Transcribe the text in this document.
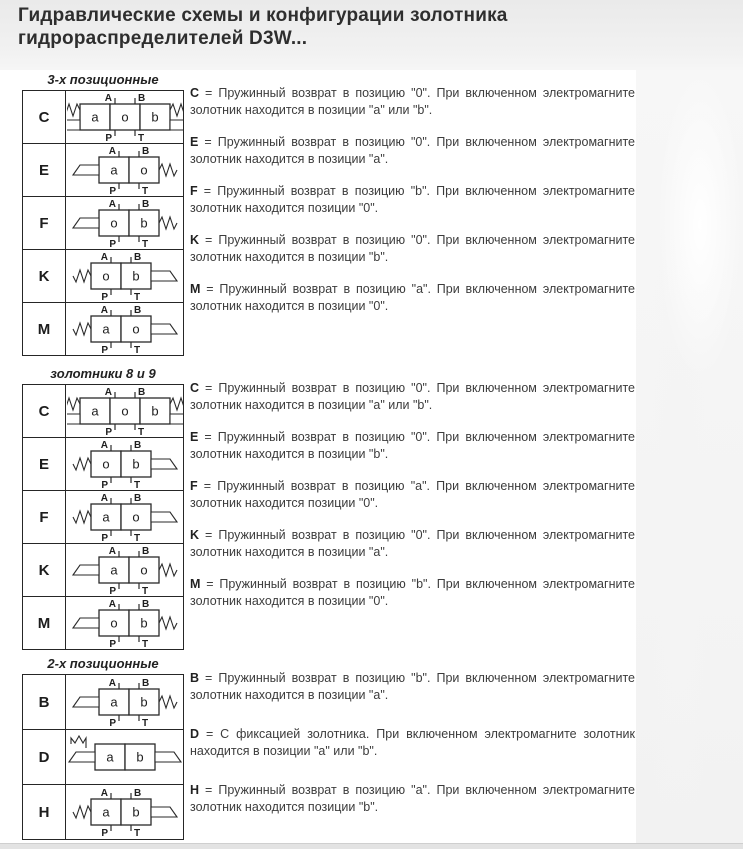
Гидравлические схемы и конфигурации золотника гидрораспределителей D3W...
3-х позиционные
C	a o b
A	B
P	T
E	a o
A	B
P	T
F	o b
A	B
P	T
K	o b
A	B
P	T
M	a o
A	B
P	T

C = Пружинный возврат в позицию "0". При включенном электромагните золотник находится в позиции "a" или "b".

E = Пружинный возврат в позицию "0". При включенном электромагните золотник находится в позиции "a".

F = Пружинный возврат в позицию "b". При включенном электромагните золотник находится позиции "0".

K = Пружинный возврат в позицию "0". При включенном электромагните золотник находится в позиции "b".

M = Пружинный возврат в позицию "a". При включенном электромагните золотник находится в позиции "0".

золотники 8 и 9
C	a o b
A	B
P	T
E	o b
A	B
P	T
F	a o
A	B
P	T
K	a o
A	B
P	T
M	o b
A	B
P	T

C = Пружинный возврат в позицию "0". При включенном электромагните золотник находится в позиции "a" или "b".

E = Пружинный возврат в позицию "0". При включенном электромагните золотник находится в позиции "b".

F = Пружинный возврат в позицию "a". При включенном электромагните золотник находится позиции "0".

K = Пружинный возврат в позицию "0". При включенном электромагните золотник находится в позиции "a".

M = Пружинный возврат в позицию "b". При включенном электромагните золотник находится в позиции "0".

2-х позиционные
B	a b
A	B
P	T
D	a b
H	a b
A	B
P	T

B = Пружинный возврат в позицию "b". При включенном электромагните золотник находится в позиции "a".

D = С фиксацией золотника. При включенном электромагните золотник находится в позиции "a" или "b".

H = Пружинный возврат в позицию "a". При включенном электромагните золотник находится позиции "b".
